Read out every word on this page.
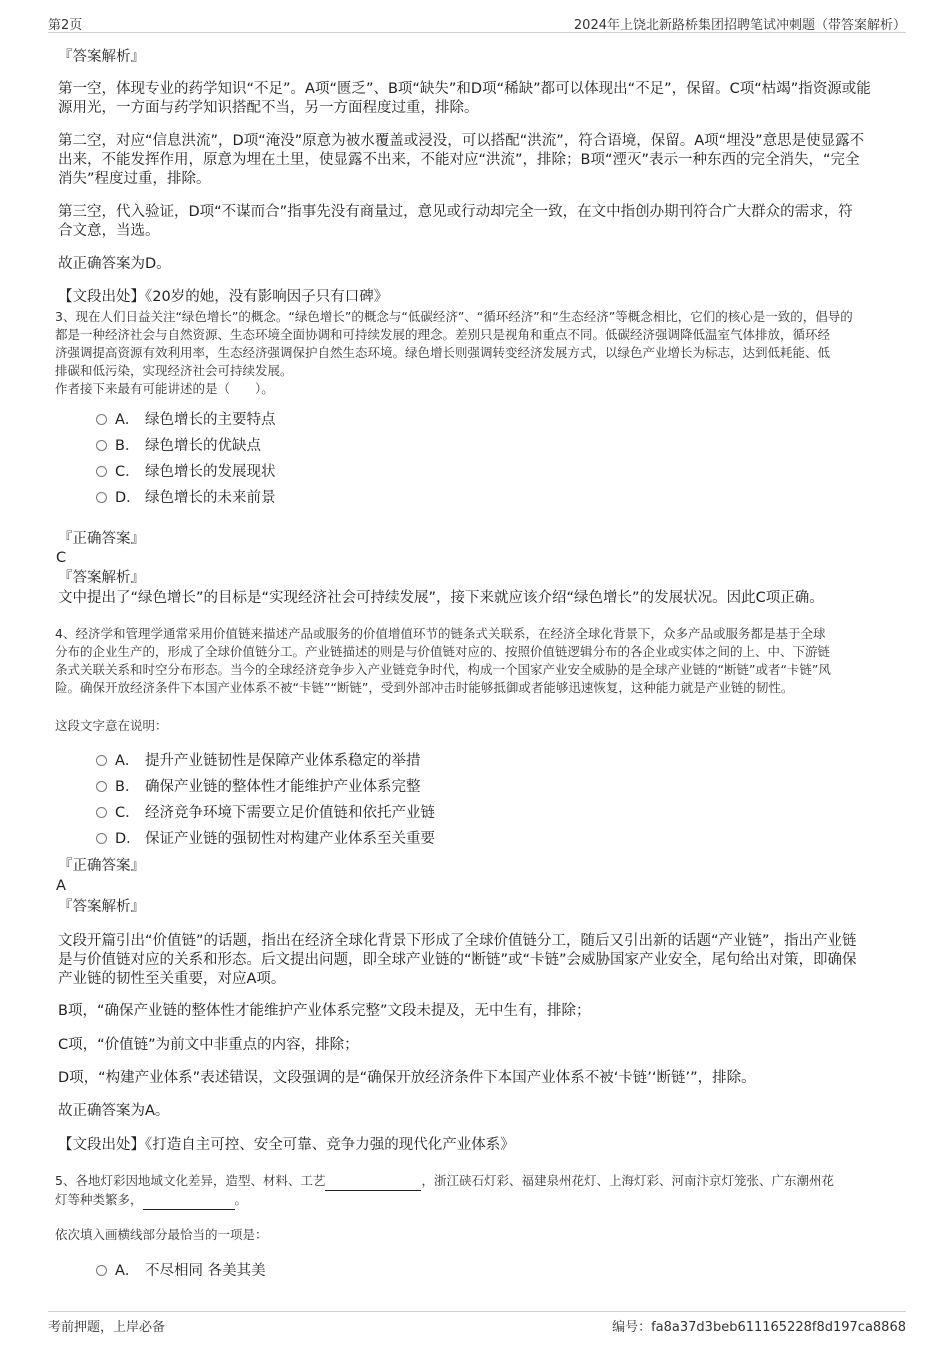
第2页	2024年上饶北新路桥集团招聘笔试冲刺题（带答案解析）
『答案解析』
第一空，体现专业的药学知识“不足”。A项“匮乏”、B项“缺失”和D项“稀缺”都可以体现出“不足”，保留。C项“枯竭”指资源或能
源用光，一方面与药学知识搭配不当，另一方面程度过重，排除。
第二空，对应“信息洪流”，D项“淹没”原意为被水覆盖或浸没，可以搭配“洪流”，符合语境，保留。A项“埋没”意思是使显露不
出来，不能发挥作用，原意为埋在土里，使显露不出来，不能对应“洪流”，排除；B项“湮灭”表示一种东西的完全消失，“完全
消失”程度过重，排除。
第三空，代入验证，D项“不谋而合”指事先没有商量过，意见或行动却完全一致，在文中指创办期刊符合广大群众的需求，符
合文意，当选。
故正确答案为D。
【文段出处】《20岁的她，没有影响因子只有口碑》
3、现在人们日益关注“绿色增长”的概念。“绿色增长”的概念与“低碳经济”、“循环经济”和“生态经济”等概念相比，它们的核心是一致的，倡导的
都是一种经济社会与自然资源、生态环境全面协调和可持续发展的理念。差别只是视角和重点不同。低碳经济强调降低温室气体排放，循环经
济强调提高资源有效利用率，生态经济强调保护自然生态环境。绿色增长则强调转变经济发展方式，以绿色产业增长为标志，达到低耗能、低
排碳和低污染，实现经济社会可持续发展。
作者接下来最有可能讲述的是（　　）。
A． 绿色增长的主要特点
B． 绿色增长的优缺点
C． 绿色增长的发展现状
D． 绿色增长的未来前景
『正确答案』
C
『答案解析』
文中提出了“绿色增长”的目标是“实现经济社会可持续发展”，接下来就应该介绍“绿色增长”的发展状况。因此C项正确。
4、经济学和管理学通常采用价值链来描述产品或服务的价值增值环节的链条式关联系，在经济全球化背景下，众多产品或服务都是基于全球
分布的企业生产的，形成了全球价值链分工。产业链描述的则是与价值链对应的、按照价值链逻辑分布的各企业或实体之间的上、中、下游链
条式关联关系和时空分布形态。当今的全球经济竞争步入产业链竞争时代，构成一个国家产业安全威胁的是全球产业链的“断链”或者“卡链”风
险。确保开放经济条件下本国产业体系不被“卡链”“断链”，受到外部冲击时能够抵御或者能够迅速恢复，这种能力就是产业链的韧性。
这段文字意在说明：
A． 提升产业链韧性是保障产业体系稳定的举措
B． 确保产业链的整体性才能维护产业体系完整
C． 经济竞争环境下需要立足价值链和依托产业链
D． 保证产业链的强韧性对构建产业体系至关重要
『正确答案』
A
『答案解析』
文段开篇引出“价值链”的话题，指出在经济全球化背景下形成了全球价值链分工，随后又引出新的话题“产业链”，指出产业链
是与价值链对应的关系和形态。后文提出问题，即全球产业链的“断链”或“卡链”会威胁国家产业安全，尾句给出对策，即确保
产业链的韧性至关重要，对应A项。
B项，“确保产业链的整体性才能维护产业体系完整”文段未提及，无中生有，排除；
C项，“价值链”为前文中非重点的内容，排除；
D项，“构建产业体系”表述错误，文段强调的是“确保开放经济条件下本国产业体系不被‘卡链’‘断链’”，排除。
故正确答案为A。
【文段出处】《打造自主可控、安全可靠、竞争力强的现代化产业体系》
5、各地灯彩因地域文化差异，造型、材料、工艺	，浙江硖石灯彩、福建泉州花灯、上海灯彩、河南汴京灯笼张、广东潮州花
灯等种类繁多，	。
依次填入画横线部分最恰当的一项是：
A． 不尽相同 各美其美
考前押题，上岸必备	编号：fa8a37d3beb611165228f8d197ca8868
